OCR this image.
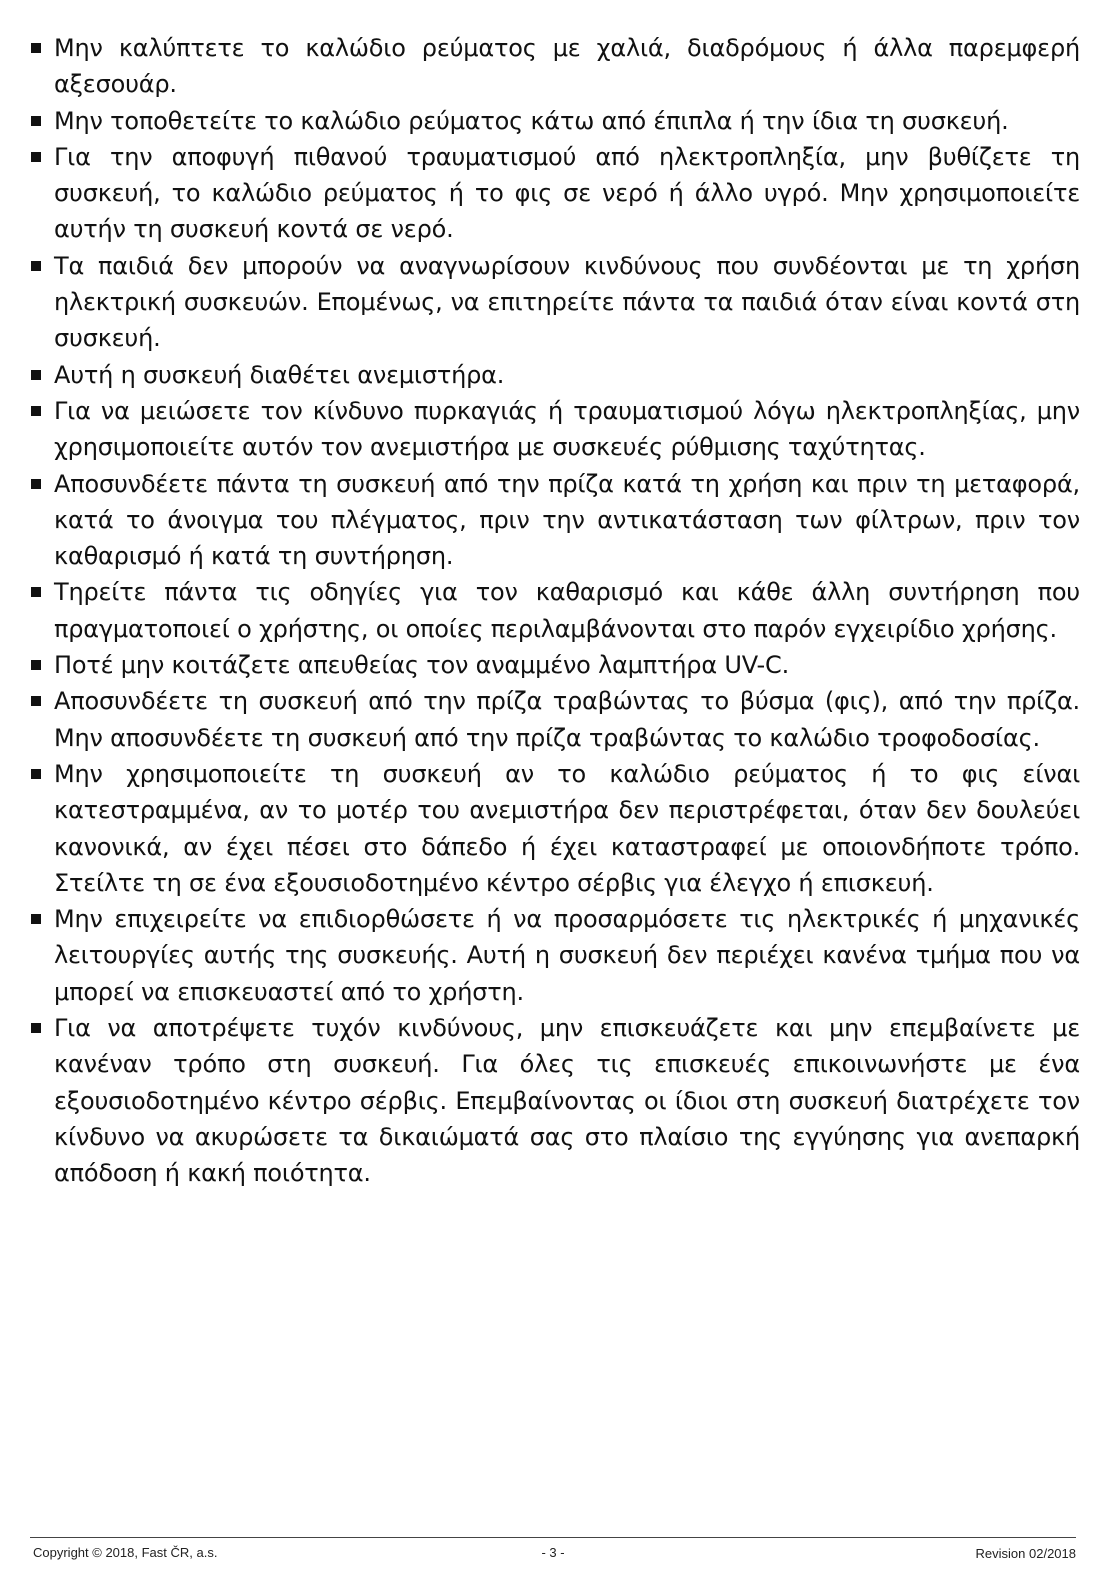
Μην καλύπτετε το καλώδιο ρεύματος με χαλιά, διαδρόμους ή άλλα παρεμφερή αξεσουάρ.
Μην τοποθετείτε το καλώδιο ρεύματος κάτω από έπιπλα ή την ίδια τη συσκευή.
Για την αποφυγή πιθανού τραυματισμού από ηλεκτροπληξία, μην βυθίζετε τη συσκευή, το καλώδιο ρεύματος ή το φις σε νερό ή άλλο υγρό. Μην χρησιμοποιείτε αυτήν τη συσκευή κοντά σε νερό.
Τα παιδιά δεν μπορούν να αναγνωρίσουν κινδύνους που συνδέονται με τη χρήση ηλεκτρική συσκευών. Επομένως, να επιτηρείτε πάντα τα παιδιά όταν είναι κοντά στη συσκευή.
Αυτή η συσκευή διαθέτει ανεμιστήρα.
Για να μειώσετε τον κίνδυνο πυρκαγιάς ή τραυματισμού λόγω ηλεκτροπληξίας, μην χρησιμοποιείτε αυτόν τον ανεμιστήρα με συσκευές ρύθμισης ταχύτητας.
Αποσυνδέετε πάντα τη συσκευή από την πρίζα κατά τη χρήση και πριν τη μεταφορά, κατά το άνοιγμα του πλέγματος, πριν την αντικατάσταση των φίλτρων, πριν τον καθαρισμό ή κατά τη συντήρηση.
Τηρείτε πάντα τις οδηγίες για τον καθαρισμό και κάθε άλλη συντήρηση που πραγματοποιεί ο χρήστης, οι οποίες περιλαμβάνονται στο παρόν εγχειρίδιο χρήσης.
Ποτέ μην κοιτάζετε απευθείας τον αναμμένο λαμπτήρα UV-C.
Αποσυνδέετε τη συσκευή από την πρίζα τραβώντας το βύσμα (φις), από την πρίζα. Μην αποσυνδέετε τη συσκευή από την πρίζα τραβώντας το καλώδιο τροφοδοσίας.
Μην χρησιμοποιείτε τη συσκευή αν το καλώδιο ρεύματος ή το φις είναι κατεστραμμένα, αν το μοτέρ του ανεμιστήρα δεν περιστρέφεται, όταν δεν δουλεύει κανονικά, αν έχει πέσει στο δάπεδο ή έχει καταστραφεί με οποιονδήποτε τρόπο. Στείλτε τη σε ένα εξουσιοδοτημένο κέντρο σέρβις για έλεγχο ή επισκευή.
Μην επιχειρείτε να επιδιορθώσετε ή να προσαρμόσετε τις ηλεκτρικές ή μηχανικές λειτουργίες αυτής της συσκευής. Αυτή η συσκευή δεν περιέχει κανένα τμήμα που να μπορεί να επισκευαστεί από το χρήστη.
Για να αποτρέψετε τυχόν κινδύνους, μην επισκευάζετε και μην επεμβαίνετε με κανέναν τρόπο στη συσκευή. Για όλες τις επισκευές επικοινωνήστε με ένα εξουσιοδοτημένο κέντρο σέρβις. Επεμβαίνοντας οι ίδιοι στη συσκευή διατρέχετε τον κίνδυνο να ακυρώσετε τα δικαιώματά σας στο πλαίσιο της εγγύησης για ανεπαρκή απόδοση ή κακή ποιότητα.
Copyright © 2018, Fast ČR, a.s.	- 3 -	Revision 02/2018
